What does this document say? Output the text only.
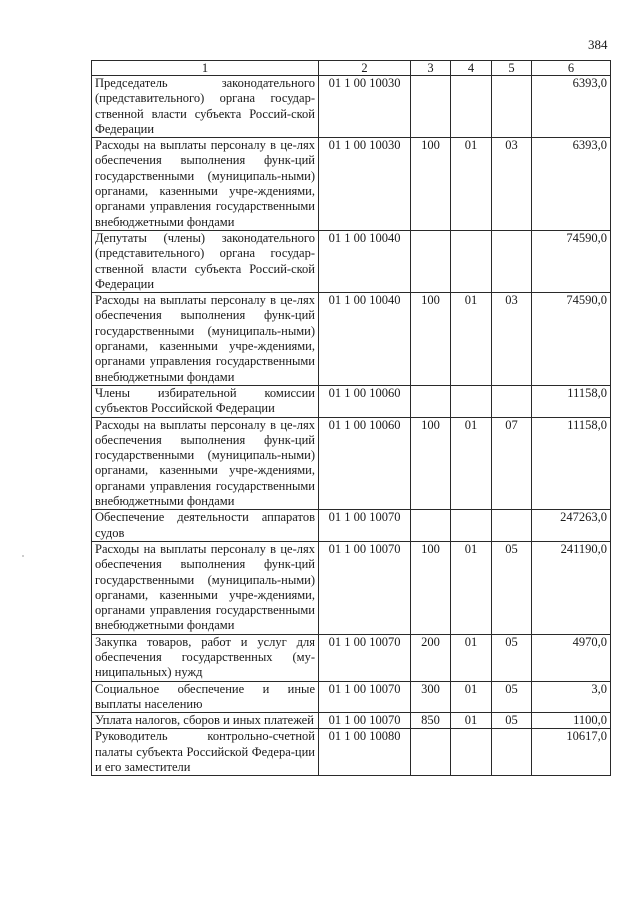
384
1	2	3	4	5	6
Председатель законодательного (представительного) органа государ-ственной власти субъекта Россий-ской Федерации	01 1 00 10030				6393,0
Расходы на выплаты персоналу в це-лях обеспечения выполнения функ-ций государственными (муниципаль-ными) органами, казенными учре-ждениями, органами управления государственными внебюджетными фондами	01 1 00 10030	100	01	03	6393,0
Депутаты (члены) законодательного (представительного) органа государ-ственной власти субъекта Россий-ской Федерации	01 1 00 10040				74590,0
Расходы на выплаты персоналу в це-лях обеспечения выполнения функ-ций государственными (муниципаль-ными) органами, казенными учре-ждениями, органами управления государственными внебюджетными фондами	01 1 00 10040	100	01	03	74590,0
Члены избирательной комиссии субъектов Российской Федерации	01 1 00 10060				11158,0
Расходы на выплаты персоналу в це-лях обеспечения выполнения функ-ций государственными (муниципаль-ными) органами, казенными учре-ждениями, органами управления государственными внебюджетными фондами	01 1 00 10060	100	01	07	11158,0
Обеспечение деятельности аппаратов судов	01 1 00 10070				247263,0
Расходы на выплаты персоналу в це-лях обеспечения выполнения функ-ций государственными (муниципаль-ными) органами, казенными учре-ждениями, органами управления государственными внебюджетными фондами	01 1 00 10070	100	01	05	241190,0
Закупка товаров, работ и услуг для обеспечения государственных (му-ниципальных) нужд	01 1 00 10070	200	01	05	4970,0
Социальное обеспечение и иные выплаты населению	01 1 00 10070	300	01	05	3,0
Уплата налогов, сборов и иных платежей	01 1 00 10070	850	01	05	1100,0
Руководитель контрольно-счетной палаты субъекта Российской Федера-ции и его заместители	01 1 00 10080				10617,0
